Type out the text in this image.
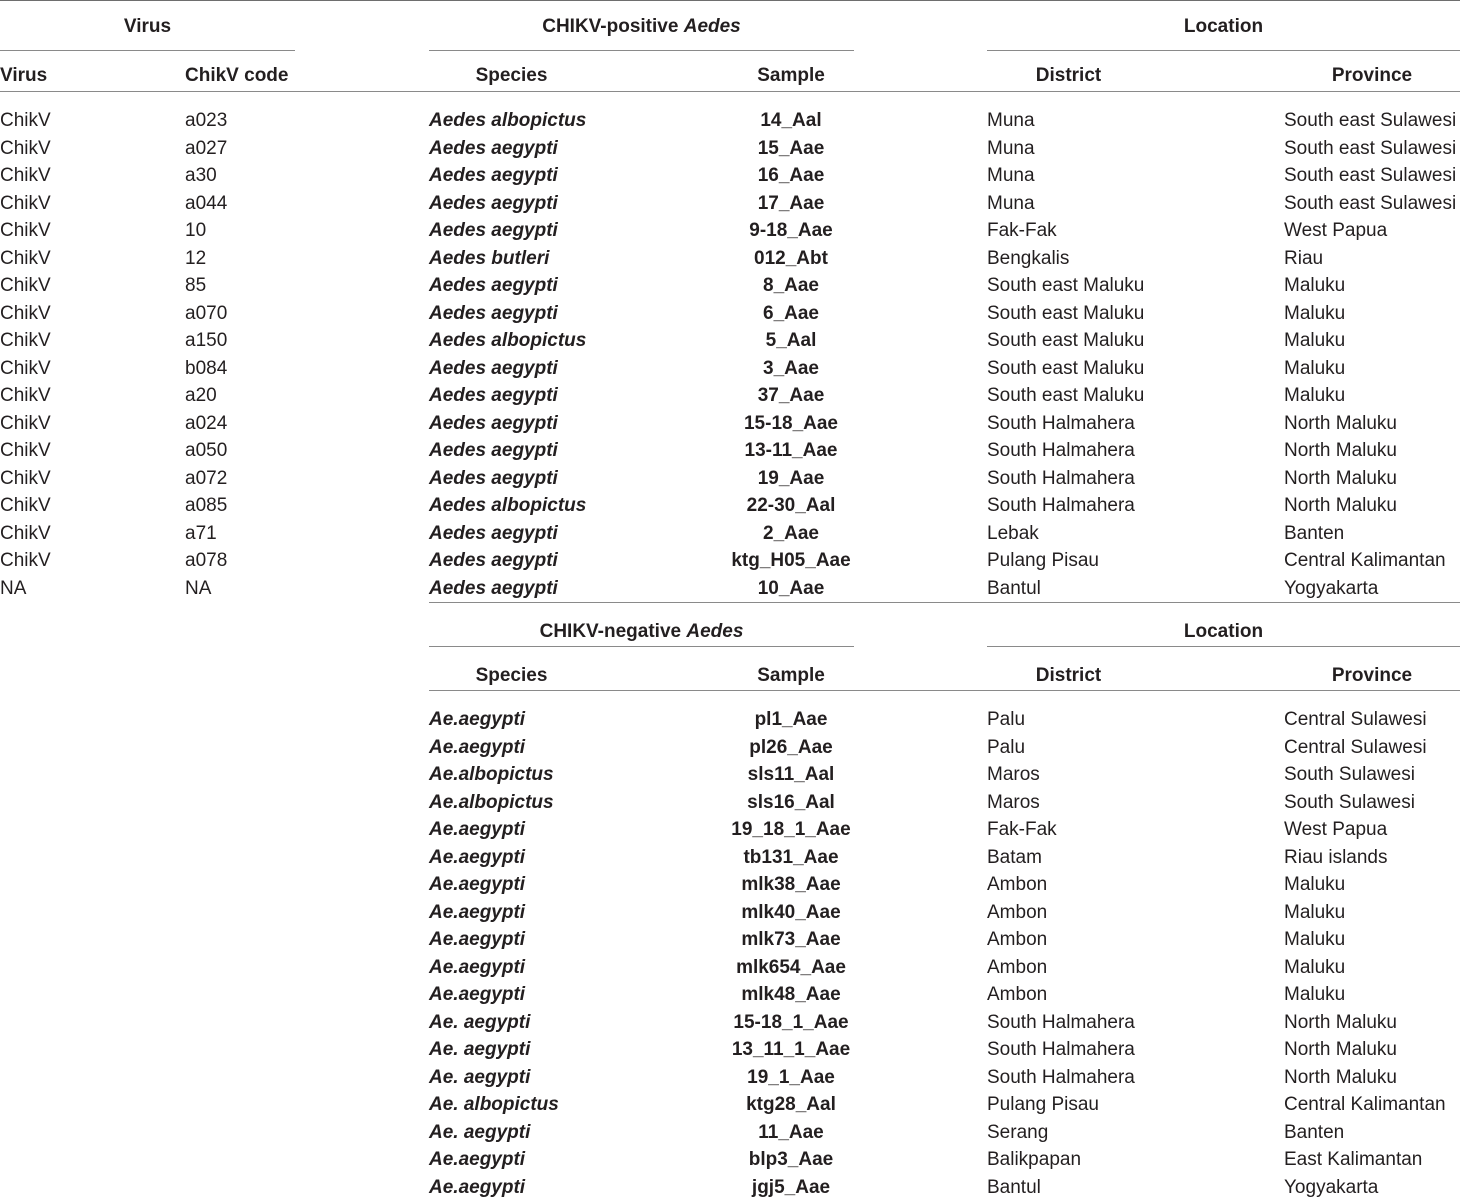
Virus	CHIKV-positive Aedes	Location
Virus	ChikV code	Species	Sample	District	Province
ChikV	a023	Aedes albopictus	14_Aal	Muna	South east Sulawesi
ChikV	a027	Aedes aegypti	15_Aae	Muna	South east Sulawesi
ChikV	a30	Aedes aegypti	16_Aae	Muna	South east Sulawesi
ChikV	a044	Aedes aegypti	17_Aae	Muna	South east Sulawesi
ChikV	10	Aedes aegypti	9-18_Aae	Fak-Fak	West Papua
ChikV	12	Aedes butleri	012_Abt	Bengkalis	Riau
ChikV	85	Aedes aegypti	8_Aae	South east Maluku	Maluku
ChikV	a070	Aedes aegypti	6_Aae	South east Maluku	Maluku
ChikV	a150	Aedes albopictus	5_Aal	South east Maluku	Maluku
ChikV	b084	Aedes aegypti	3_Aae	South east Maluku	Maluku
ChikV	a20	Aedes aegypti	37_Aae	South east Maluku	Maluku
ChikV	a024	Aedes aegypti	15-18_Aae	South Halmahera	North Maluku
ChikV	a050	Aedes aegypti	13-11_Aae	South Halmahera	North Maluku
ChikV	a072	Aedes aegypti	19_Aae	South Halmahera	North Maluku
ChikV	a085	Aedes albopictus	22-30_Aal	South Halmahera	North Maluku
ChikV	a71	Aedes aegypti	2_Aae	Lebak	Banten
ChikV	a078	Aedes aegypti	ktg_H05_Aae	Pulang Pisau	Central Kalimantan
NA	NA	Aedes aegypti	10_Aae	Bantul	Yogyakarta
CHIKV-negative Aedes	Location
Species	Sample	District	Province
Ae.aegypti	pl1_Aae	Palu	Central Sulawesi
Ae.aegypti	pl26_Aae	Palu	Central Sulawesi
Ae.albopictus	sls11_Aal	Maros	South Sulawesi
Ae.albopictus	sls16_Aal	Maros	South Sulawesi
Ae.aegypti	19_18_1_Aae	Fak-Fak	West Papua
Ae.aegypti	tb131_Aae	Batam	Riau islands
Ae.aegypti	mlk38_Aae	Ambon	Maluku
Ae.aegypti	mlk40_Aae	Ambon	Maluku
Ae.aegypti	mlk73_Aae	Ambon	Maluku
Ae.aegypti	mlk654_Aae	Ambon	Maluku
Ae.aegypti	mlk48_Aae	Ambon	Maluku
Ae. aegypti	15-18_1_Aae	South Halmahera	North Maluku
Ae. aegypti	13_11_1_Aae	South Halmahera	North Maluku
Ae. aegypti	19_1_Aae	South Halmahera	North Maluku
Ae. albopictus	ktg28_Aal	Pulang Pisau	Central Kalimantan
Ae. aegypti	11_Aae	Serang	Banten
Ae.aegypti	blp3_Aae	Balikpapan	East Kalimantan
Ae.aegypti	jgj5_Aae	Bantul	Yogyakarta
